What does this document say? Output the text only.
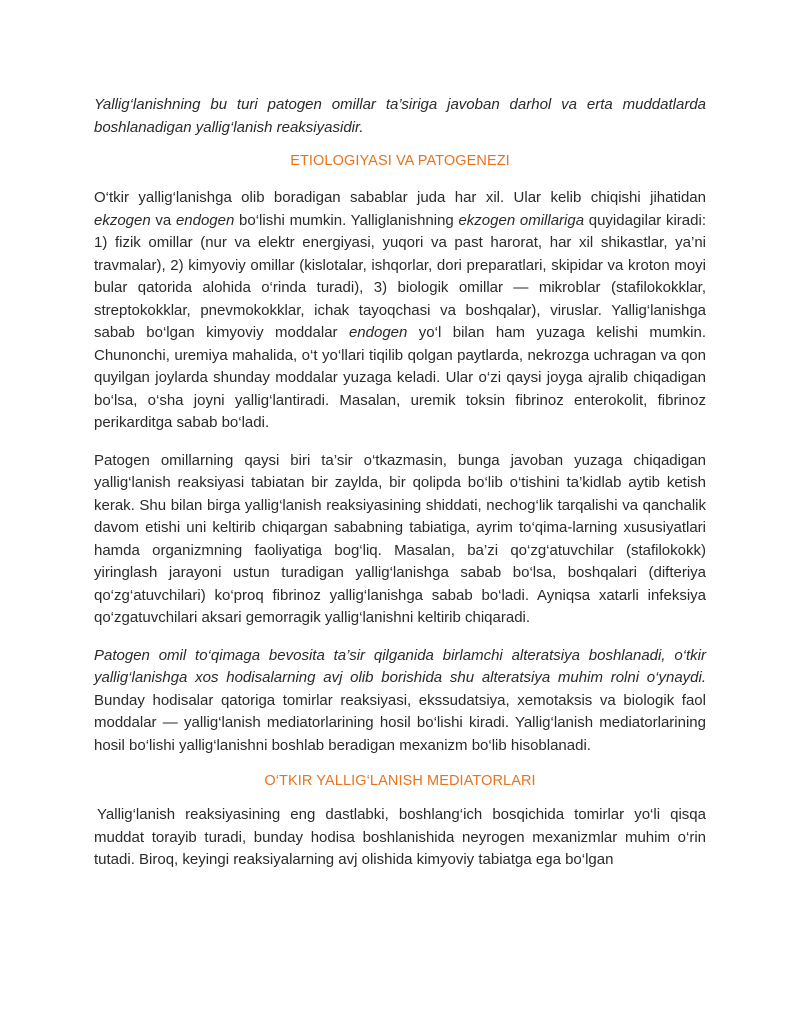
Yallig‘lanishning bu turi patogen omillar ta’siriga javoban darhol va erta muddatlarda boshlanadigan yallig‘lanish reaksiyasidir.

ETIOLOGIYASI VA PATOGENEZI

O‘tkir yallig‘lanishga olib boradigan sabablar juda har xil. Ular kelib chiqishi jihatidan ekzogen va endogen bo‘lishi mumkin. Yalliglanishning ekzogen omillariga quyidagilar kiradi: 1) fizik omillar (nur va elektr energiyasi, yuqori va past harorat, har xil shikastlar, ya’ni travmalar), 2) kimyoviy omillar (kislotalar, ishqorlar, dori preparatlari, skipidar va kroton moyi bular qatorida alohida o‘rinda turadi), 3) biologik omillar — mikroblar (stafilokokklar, streptokokklar, pnevmokokklar, ichak tayoqchasi va boshqalar), viruslar. Yallig‘lanishga sabab bo‘lgan kimyoviy moddalar endogen yo‘l bilan ham yuzaga kelishi mumkin. Chunonchi, uremiya mahalida, o‘t yo‘llari tiqilib qolgan paytlarda, nekrozga uchragan va qon quyilgan joylarda shunday moddalar yuzaga keladi. Ular o‘zi qaysi joyga ajralib chiqadigan bo‘lsa, o‘sha joyni yallig‘lantiradi. Masalan, uremik toksin fibrinoz enterokolit, fibrinoz perikarditga sabab bo‘ladi.

Patogen omillarning qaysi biri ta’sir o‘tkazmasin, bunga javoban yuzaga chiqadigan yallig‘lanish reaksiyasi tabiatan bir zaylda, bir qolipda bo‘lib o‘tishini ta’kidlab aytib ketish kerak. Shu bilan birga yallig‘lanish reaksiyasining shiddati, nechog‘lik tarqalishi va qanchalik davom etishi uni keltirib chiqargan sababning tabiatiga, ayrim to‘qima-larning xususiyatlari hamda organizmning faoliyatiga bog‘liq. Masalan, ba’zi qo‘zg‘atuvchilar (stafilokokk) yiringlash jarayoni ustun turadigan yallig‘lanishga sabab bo‘lsa, boshqalari (difteriya qo‘zg‘atuvchilari) ko‘proq fibrinoz yallig‘lanishga sabab bo‘ladi. Ayniqsa xatarli infeksiya qo‘zgatuvchilari aksari gemorragik yallig‘lanishni keltirib chiqaradi.

Patogen omil to‘qimaga bevosita ta’sir qilganida birlamchi alteratsiya boshlanadi, o‘tkir yallig‘lanishga xos hodisalarning avj olib borishida shu alteratsiya muhim rolni o‘ynaydi. Bunday hodisalar qatoriga tomirlar reaksiyasi, ekssudatsiya, xemotaksis va biologik faol moddalar — yallig‘lanish mediatorlarining hosil bo‘lishi kiradi. Yallig‘lanish mediatorlarining hosil bo‘lishi yallig‘lanishni boshlab beradigan mexanizm bo‘lib hisoblanadi.

O‘TKIR YALLIG‘LANISH MEDIATORLARI

Yallig‘lanish reaksiyasining eng dastlabki, boshlang‘ich bosqichida tomirlar yo‘li qisqa muddat torayib turadi, bunday hodisa boshlanishida neyrogen mexanizmlar muhim o‘rin tutadi. Biroq, keyingi reaksiyalarning avj olishida kimyoviy tabiatga ega bo‘lgan
